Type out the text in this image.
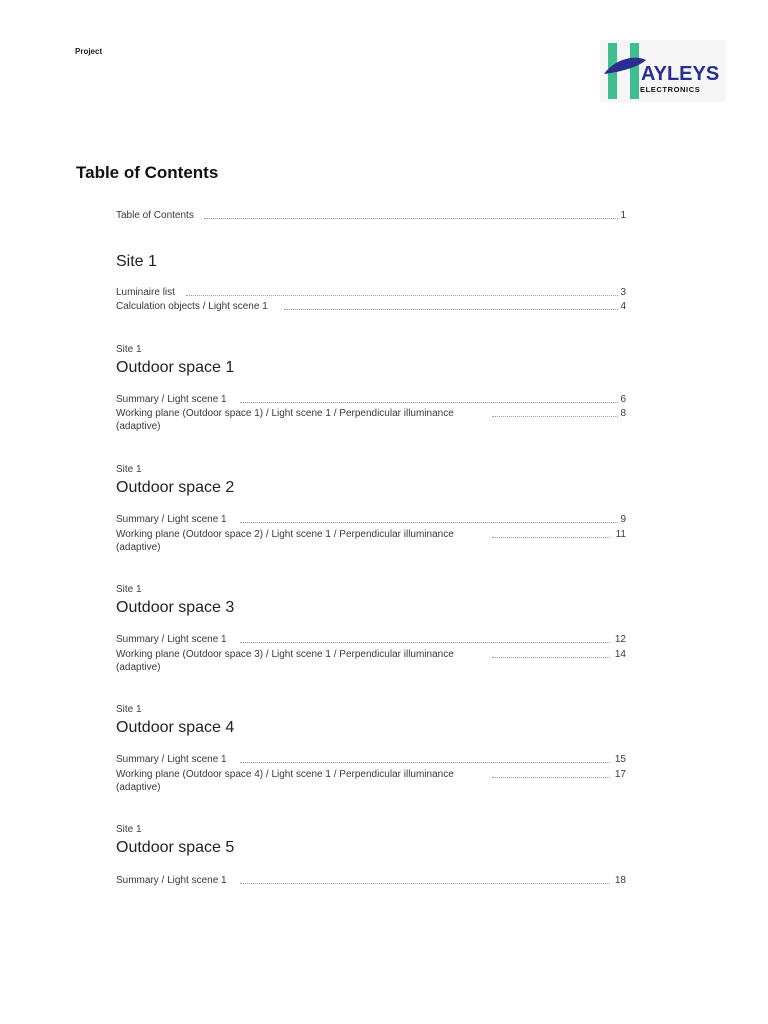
Project
AYLEYS
ELECTRONICS
Table of Contents
Table of Contents	1
Site 1
Luminaire list	3
Calculation objects / Light scene 1	4
Site 1
Outdoor space 1
Summary / Light scene 1	6
Working plane (Outdoor space 1) / Light scene 1 / Perpendicular illuminance	8
(adaptive)
Site 1
Outdoor space 2
Summary / Light scene 1	9
Working plane (Outdoor space 2) / Light scene 1 / Perpendicular illuminance	11
(adaptive)
Site 1
Outdoor space 3
Summary / Light scene 1	12
Working plane (Outdoor space 3) / Light scene 1 / Perpendicular illuminance	14
(adaptive)
Site 1
Outdoor space 4
Summary / Light scene 1	15
Working plane (Outdoor space 4) / Light scene 1 / Perpendicular illuminance	17
(adaptive)
Site 1
Outdoor space 5
Summary / Light scene 1	18
